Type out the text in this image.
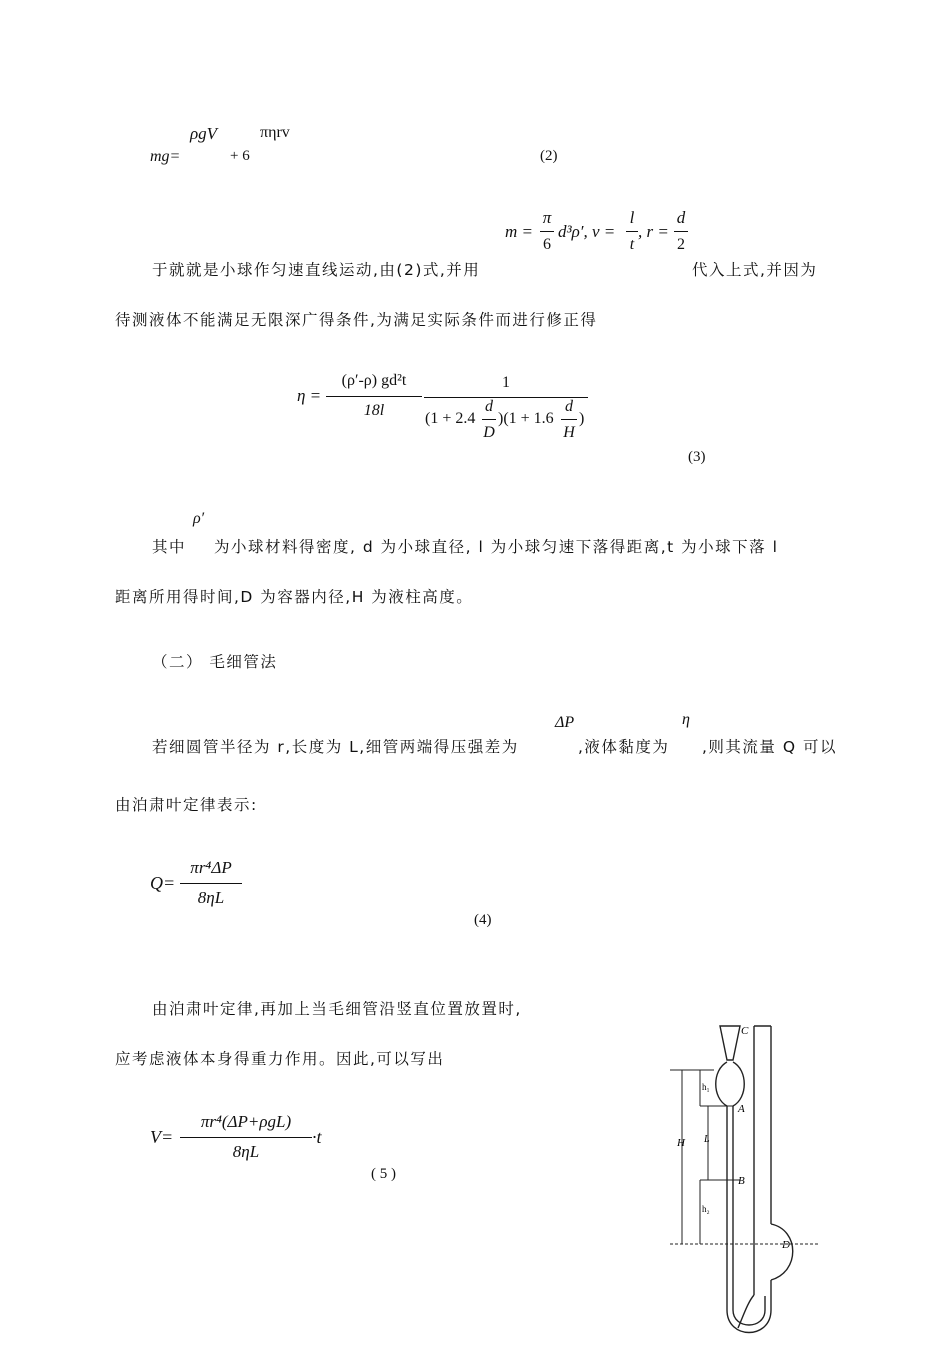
ρgV	πηrv
mg=	+ 6	(2)
m =
π
6
d³ρ′, v =
l
t
, r =
d
2
于就就是小球作匀速直线运动,由(2)式,并用	代入上式,并因为
待测液体不能满足无限深广得条件,为满足实际条件而进行修正得
η =
(ρ′-ρ) gd²t
18l
1
(1 + 2.4
d
D
)(1 + 1.6
d
H
)
(3)
ρ′
其中 为小球材料得密度, d 为小球直径, l 为小球匀速下落得距离,t 为小球下落 l
距离所用得时间,D 为容器内径,H 为液柱高度。
（二） 毛细管法
ΔP	η
若细圆管半径为 r,长度为 L,细管两端得压强差为	,液体黏度为 ,则其流量 Q 可以
由泊肃叶定律表示:
Q=
πr⁴ΔP
8ηL
(4)
由泊肃叶定律,再加上当毛细管沿竖直位置放置时,
应考虑液体本身得重力作用。因此,可以写出
V=
πr⁴(ΔP+ρgL)
8ηL
·t
( 5 )
C
A
B
D
H L
h₁
h₂
